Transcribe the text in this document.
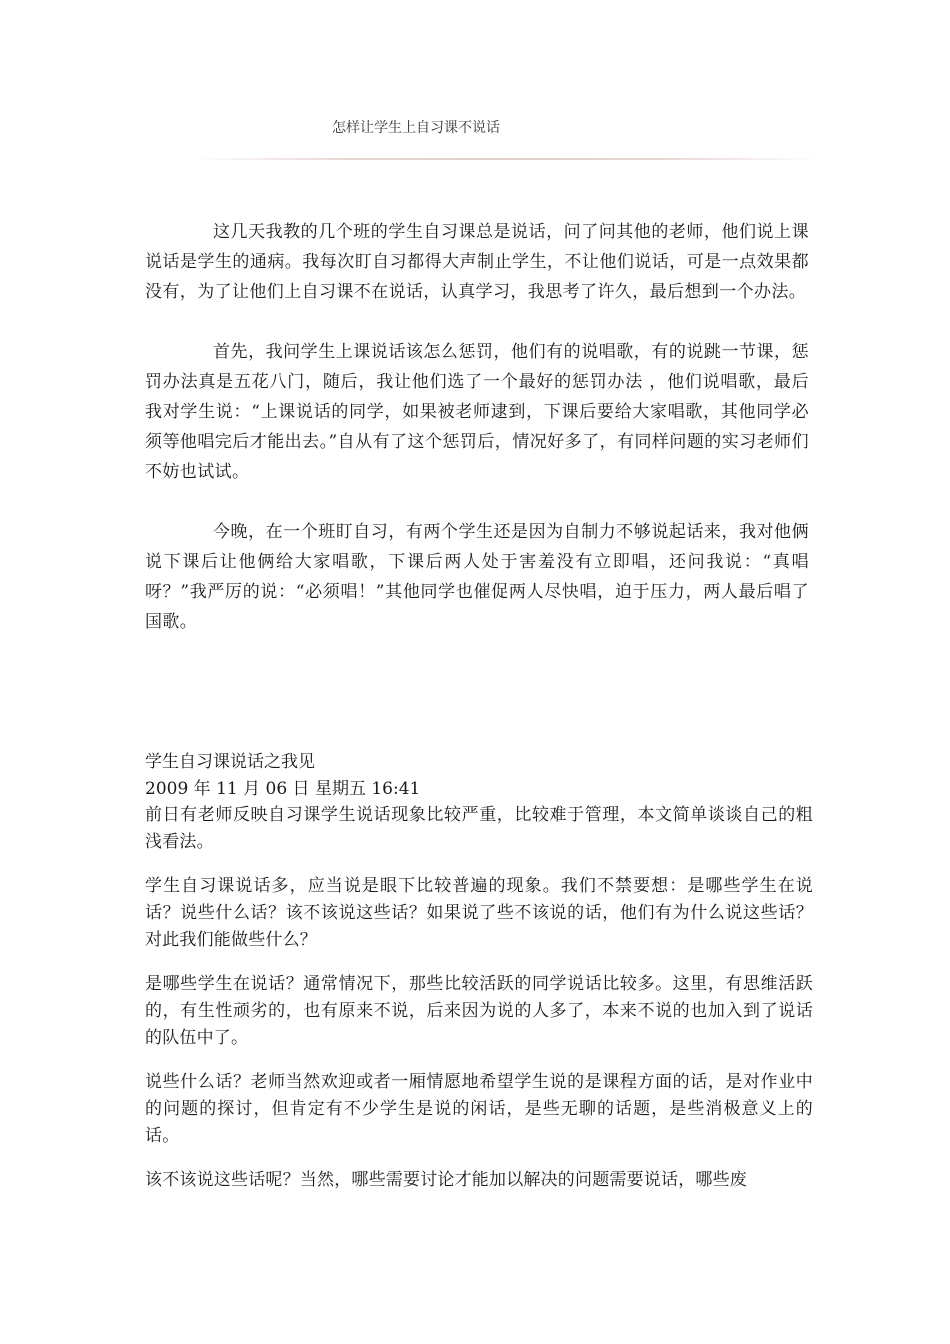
怎样让学生上自习课不说话

这几天我教的几个班的学生自习课总是说话，问了问其他的老师，他们说上课说话是学生的通病。我每次盯自习都得大声制止学生，不让他们说话，可是一点效果都没有，为了让他们上自习课不在说话，认真学习，我思考了许久，最后想到一个办法。

首先，我问学生上课说话该怎么惩罚，他们有的说唱歌，有的说跳一节课，惩罚办法真是五花八门，随后，我让他们选了一个最好的惩罚办法 ，他们说唱歌，最后我对学生说：“上课说话的同学，如果被老师逮到，下课后要给大家唱歌，其他同学必须等他唱完后才能出去。”自从有了这个惩罚后，情况好多了，有同样问题的实习老师们不妨也试试。

今晚，在一个班盯自习，有两个学生还是因为自制力不够说起话来，我对他俩说下课后让他俩给大家唱歌，下课后两人处于害羞没有立即唱，还问我说：“真唱呀？”我严厉的说：“必须唱！”其他同学也催促两人尽快唱，迫于压力，两人最后唱了国歌。

学生自习课说话之我见

2009 年 11 月 06 日 星期五 16:41

前日有老师反映自习课学生说话现象比较严重，比较难于管理，本文简单谈谈自己的粗浅看法。

学生自习课说话多，应当说是眼下比较普遍的现象。我们不禁要想：是哪些学生在说话？说些什么话？该不该说这些话？如果说了些不该说的话，他们有为什么说这些话？对此我们能做些什么？

是哪些学生在说话？通常情况下，那些比较活跃的同学说话比较多。这里，有思维活跃的，有生性顽劣的，也有原来不说，后来因为说的人多了，本来不说的也加入到了说话的队伍中了。

说些什么话？老师当然欢迎或者一厢情愿地希望学生说的是课程方面的话，是对作业中的问题的探讨，但肯定有不少学生是说的闲话，是些无聊的话题，是些消极意义上的话。

该不该说这些话呢？当然，哪些需要讨论才能加以解决的问题需要说话，哪些废
